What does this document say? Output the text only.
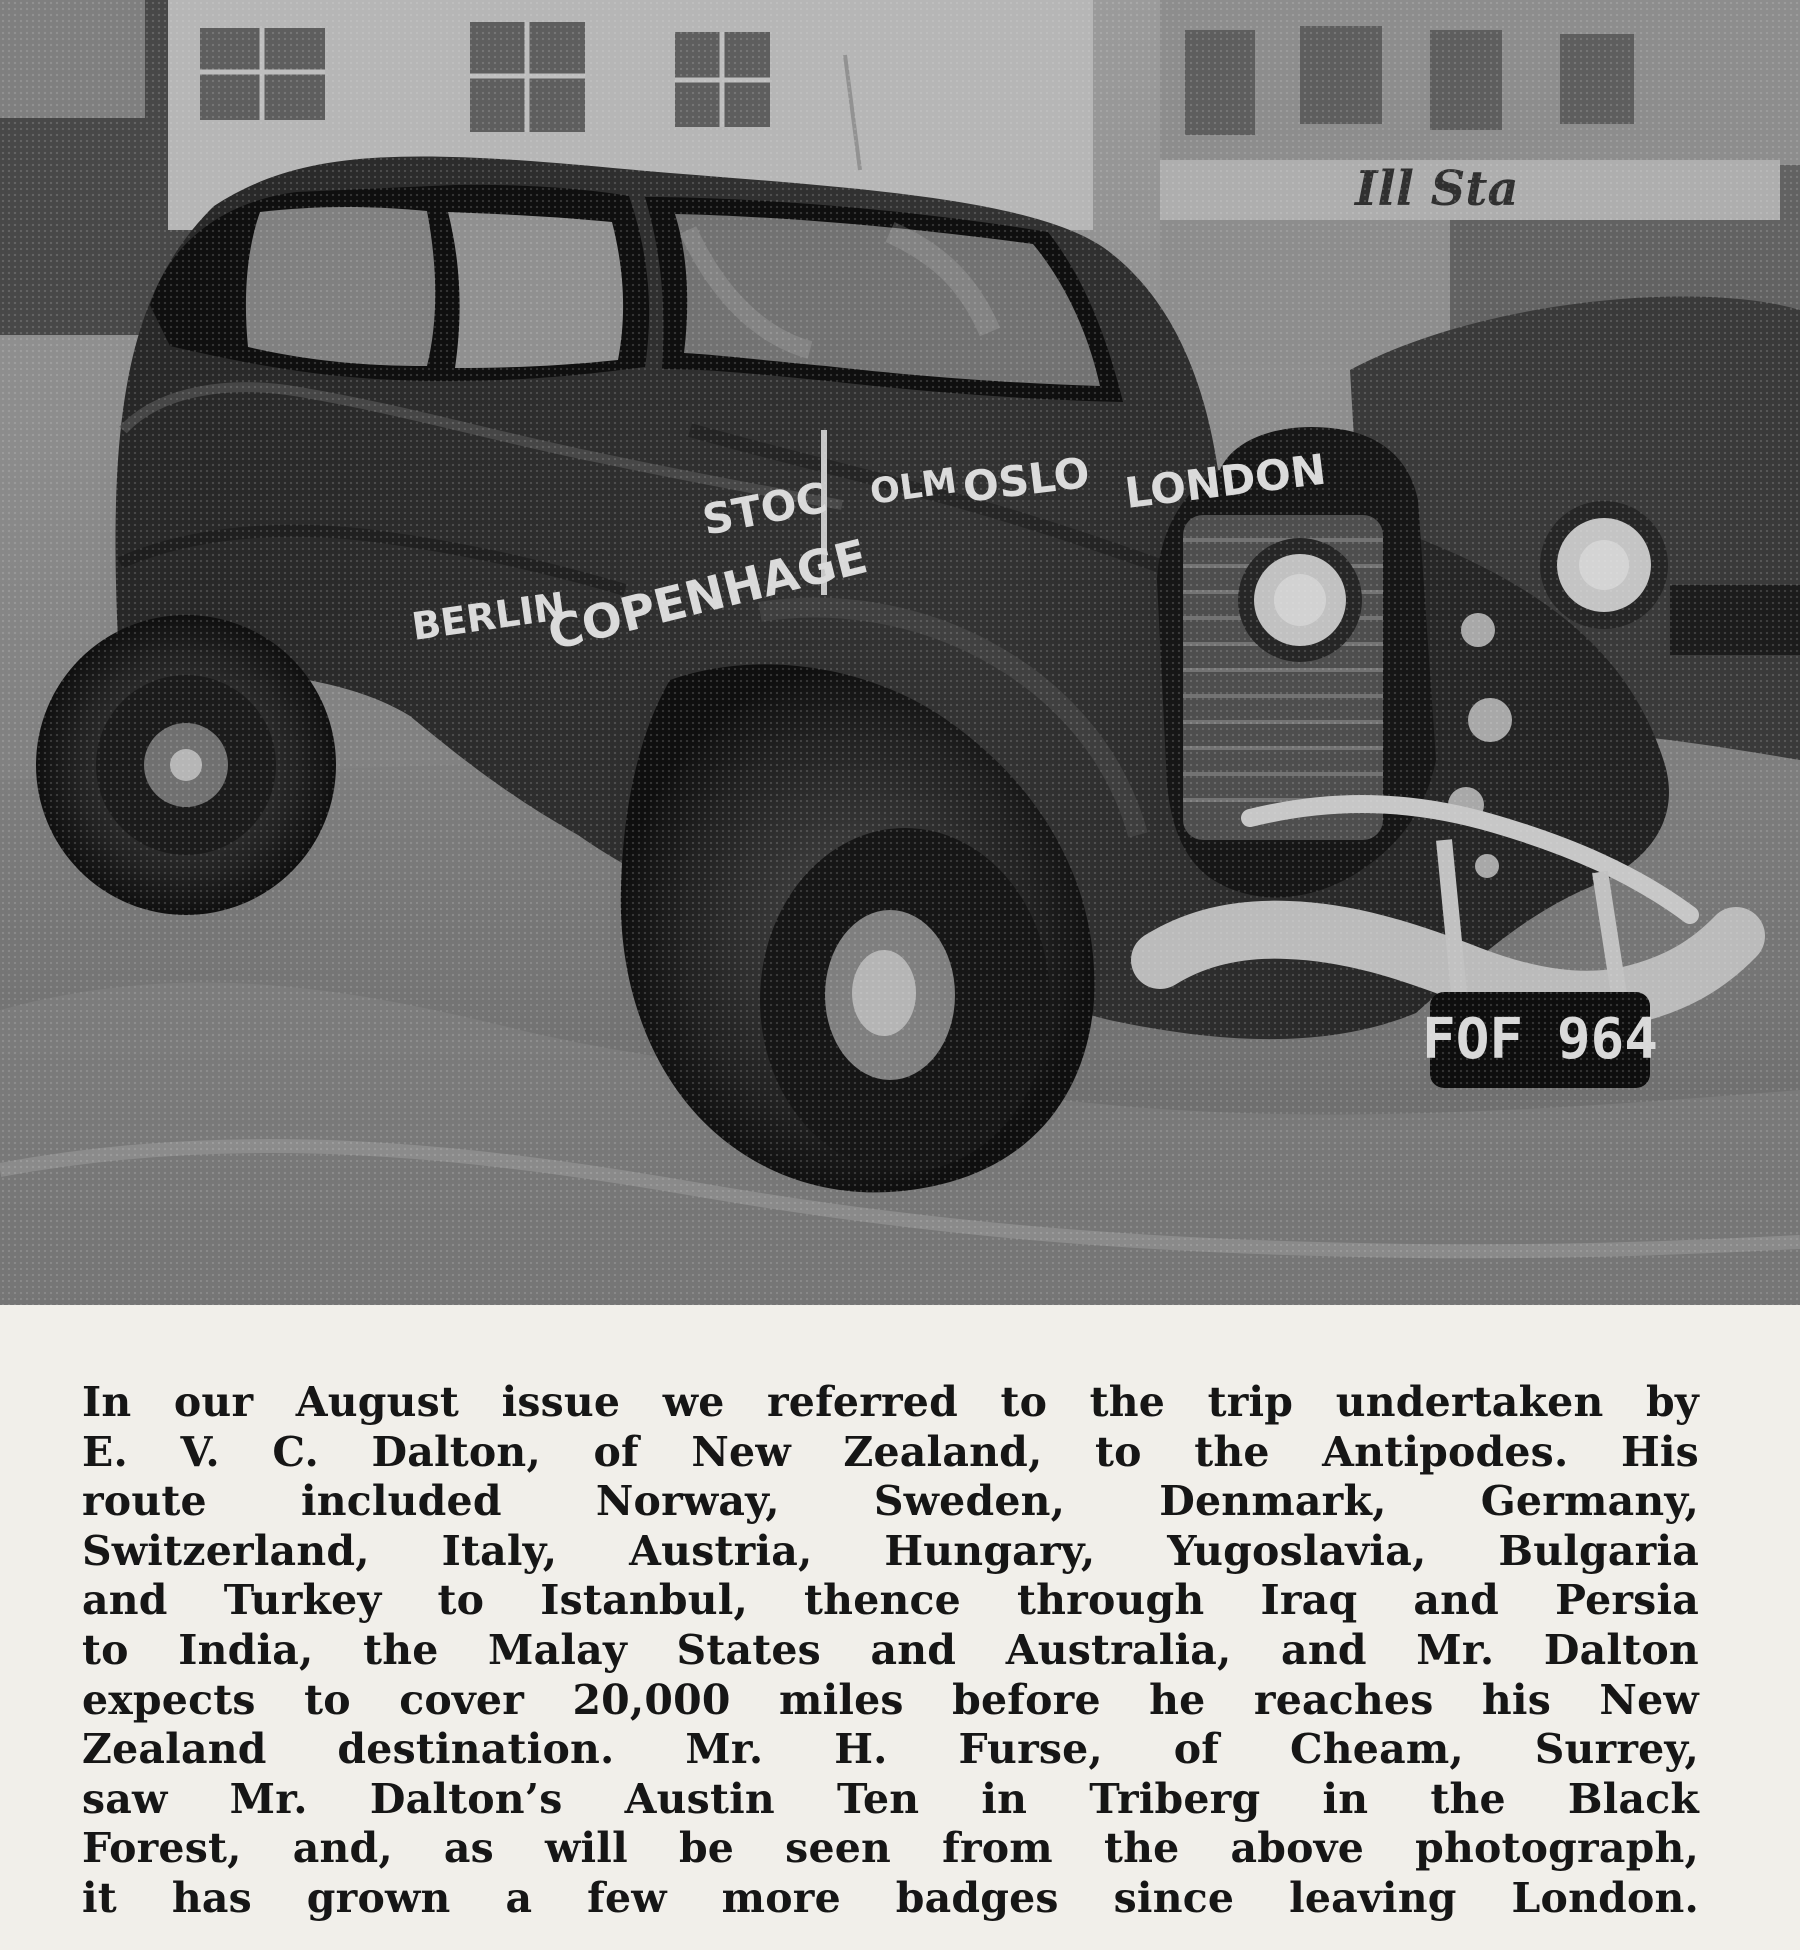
In our August issue we referred to the trip undertaken by
E. V. C. Dalton, of New Zealand, to the Antipodes. His
route included Norway, Sweden, Denmark, Germany,
Switzerland, Italy, Austria, Hungary, Yugoslavia, Bulgaria
and Turkey to Istanbul, thence through Iraq and Persia
to India, the Malay States and Australia, and Mr. Dalton
expects to cover 20,000 miles before he reaches his New
Zealand destination. Mr. H. Furse, of Cheam, Surrey,
saw Mr. Dalton’s Austin Ten in Triberg in the Black
Forest, and, as will be seen from the above photograph,
it has grown a few more badges since leaving London.
